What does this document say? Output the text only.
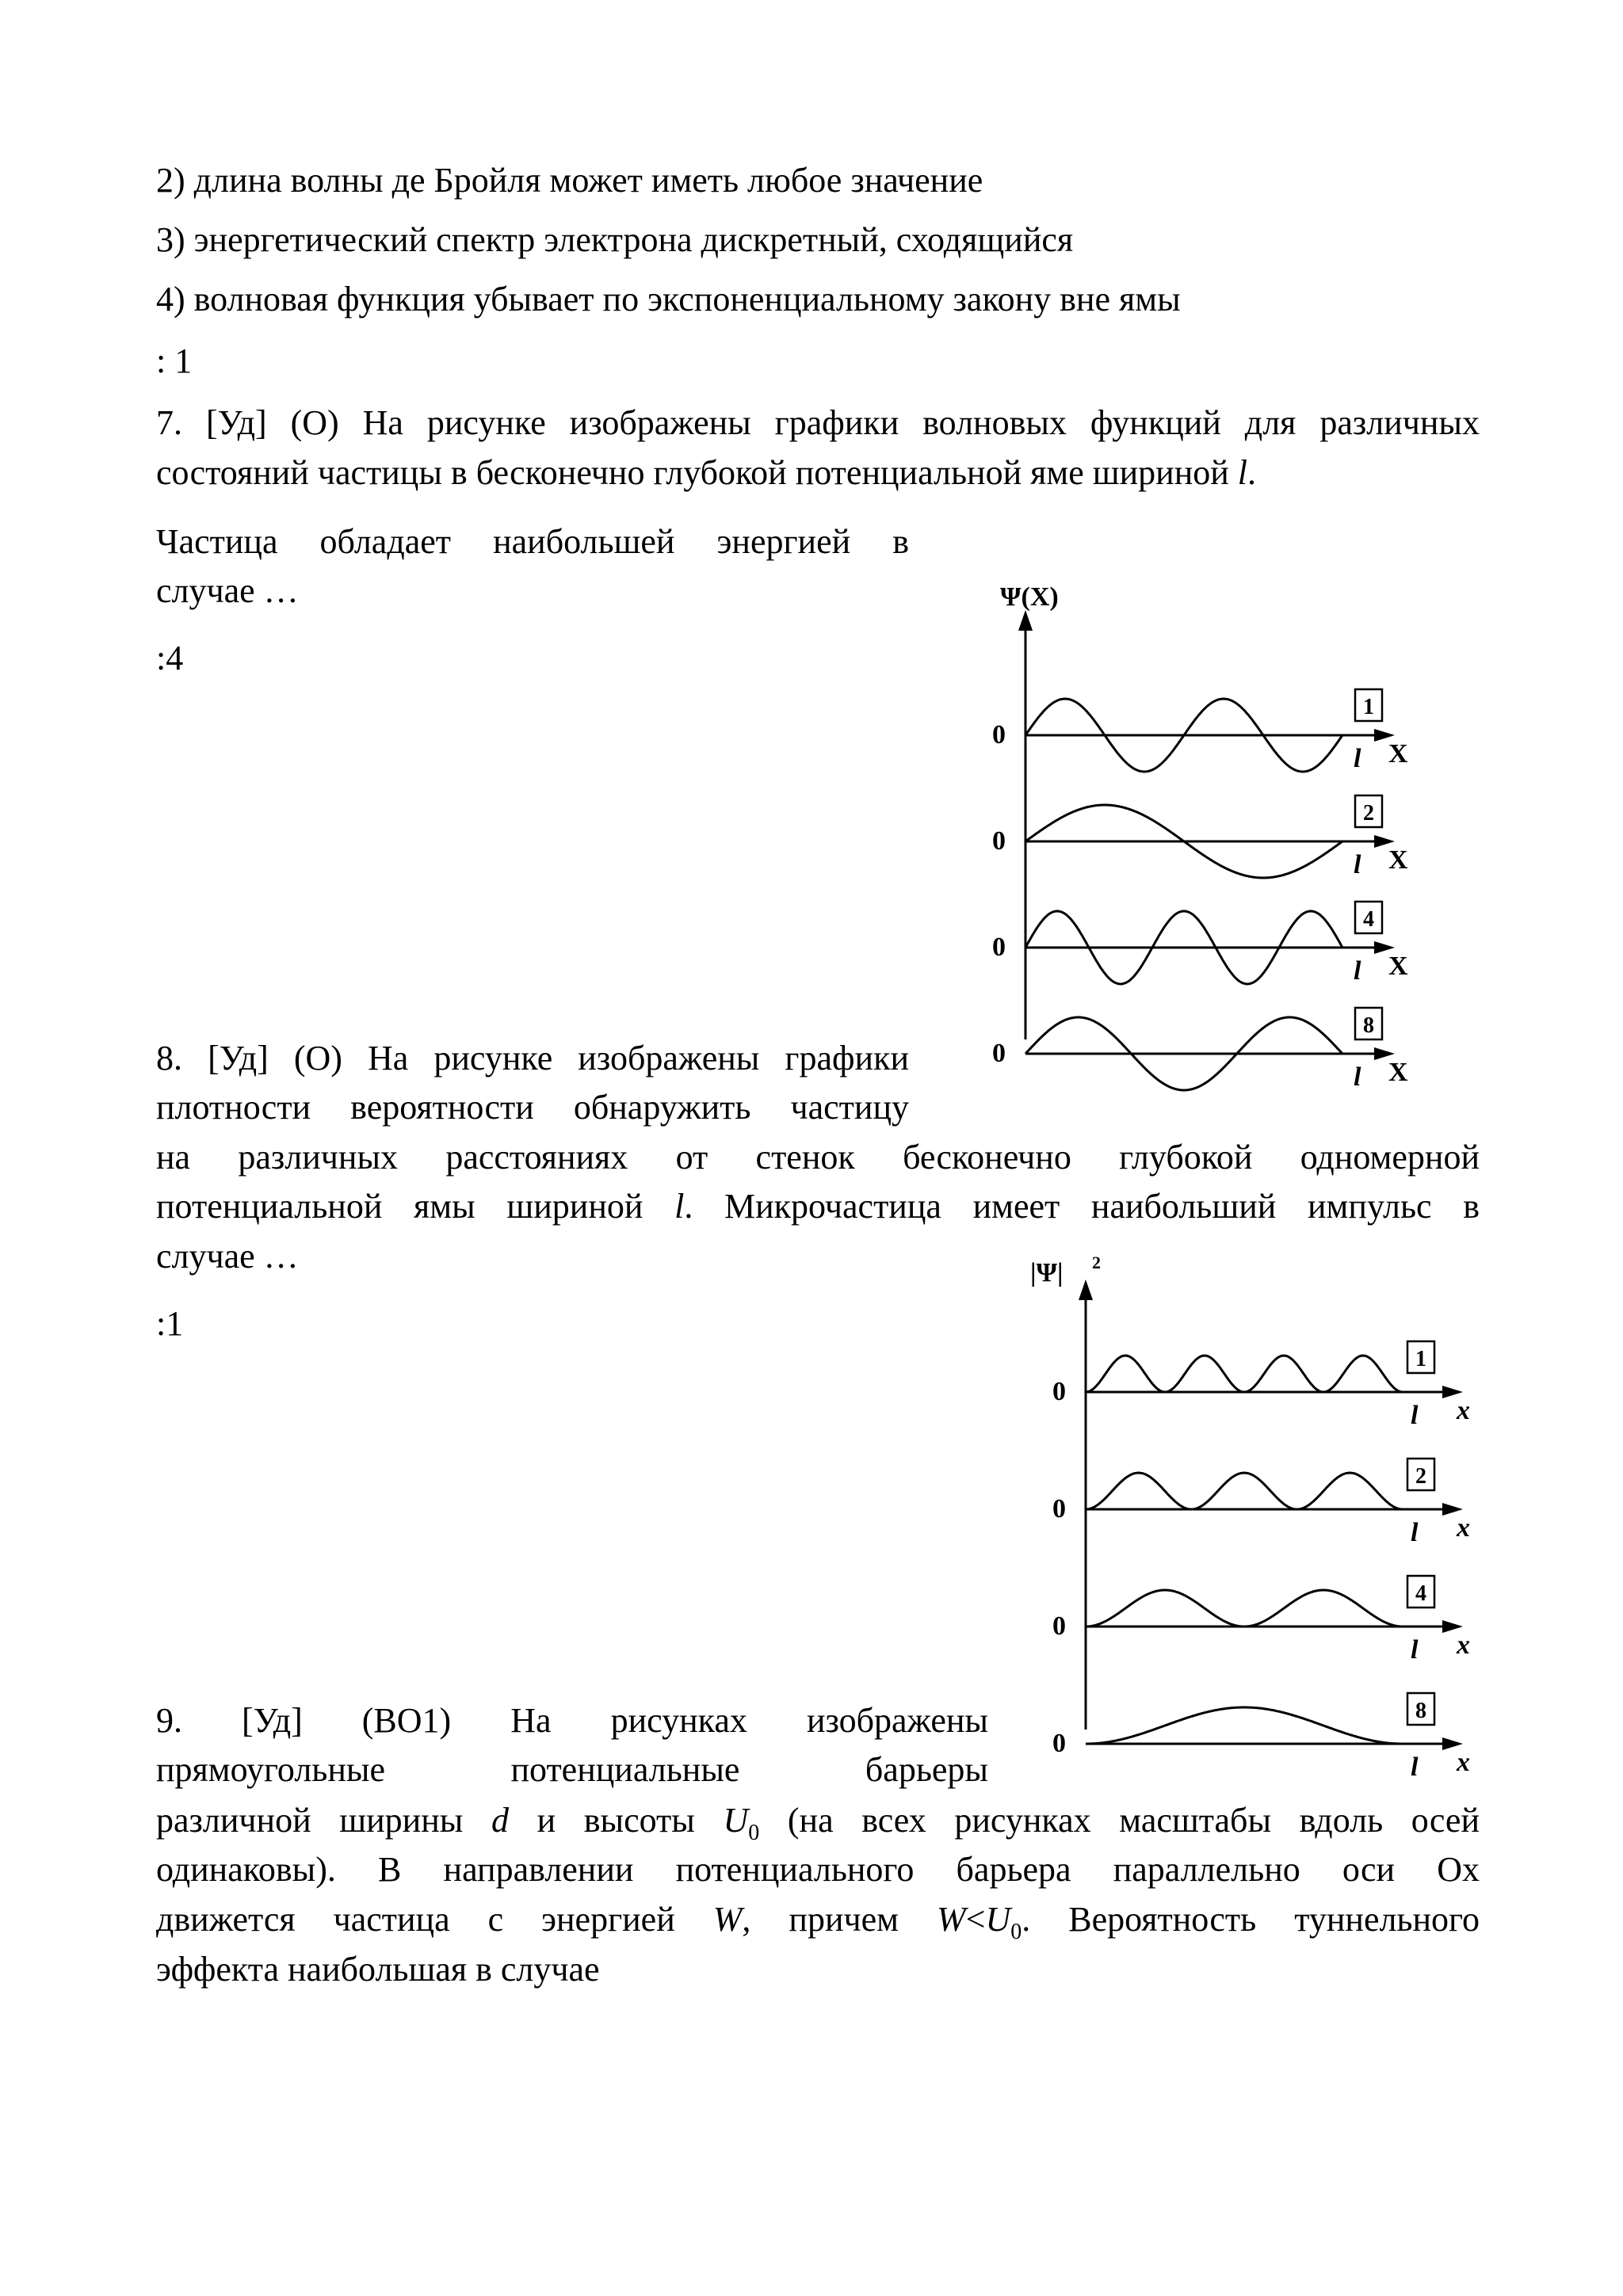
2) длина волны де Бройля может иметь любое значение
3) энергетический спектр электрона дискретный, сходящийся
4) волновая функция убывает по экспоненциальному закону вне ямы
: 1
7. [Уд] (О) На рисунке изображены графики волновых функций для различных
состояний частицы в бесконечно глубокой потенциальной яме шириной l.
Частица обладает наибольшей энергией в
случае …
:4
8. [Уд] (О) На рисунке изображены графики
плотности вероятности обнаружить частицу
на различных расстояниях от стенок бесконечно глубокой одномерной
потенциальной ямы шириной l. Микрочастица имеет наибольший импульс в
случае …
:1
9. [Уд] (ВО1) На рисунках изображены
прямоугольные потенциальные барьеры
различной ширины d и высоты $U_0$ (на всех рисунках масштабы вдоль осей
одинаковы). В направлении потенциального барьера параллельно оси Ох
движется частица с энергией W, причем $W<U_0$. Вероятность туннельного
эффекта наибольшая в случае
Ψ(X)
0
l X
1
0
l X
2
0
l X
4
0
l X
8
|Ψ| 2
0
l x
1
0
l x
2
0
l x
4
0
l x
8
